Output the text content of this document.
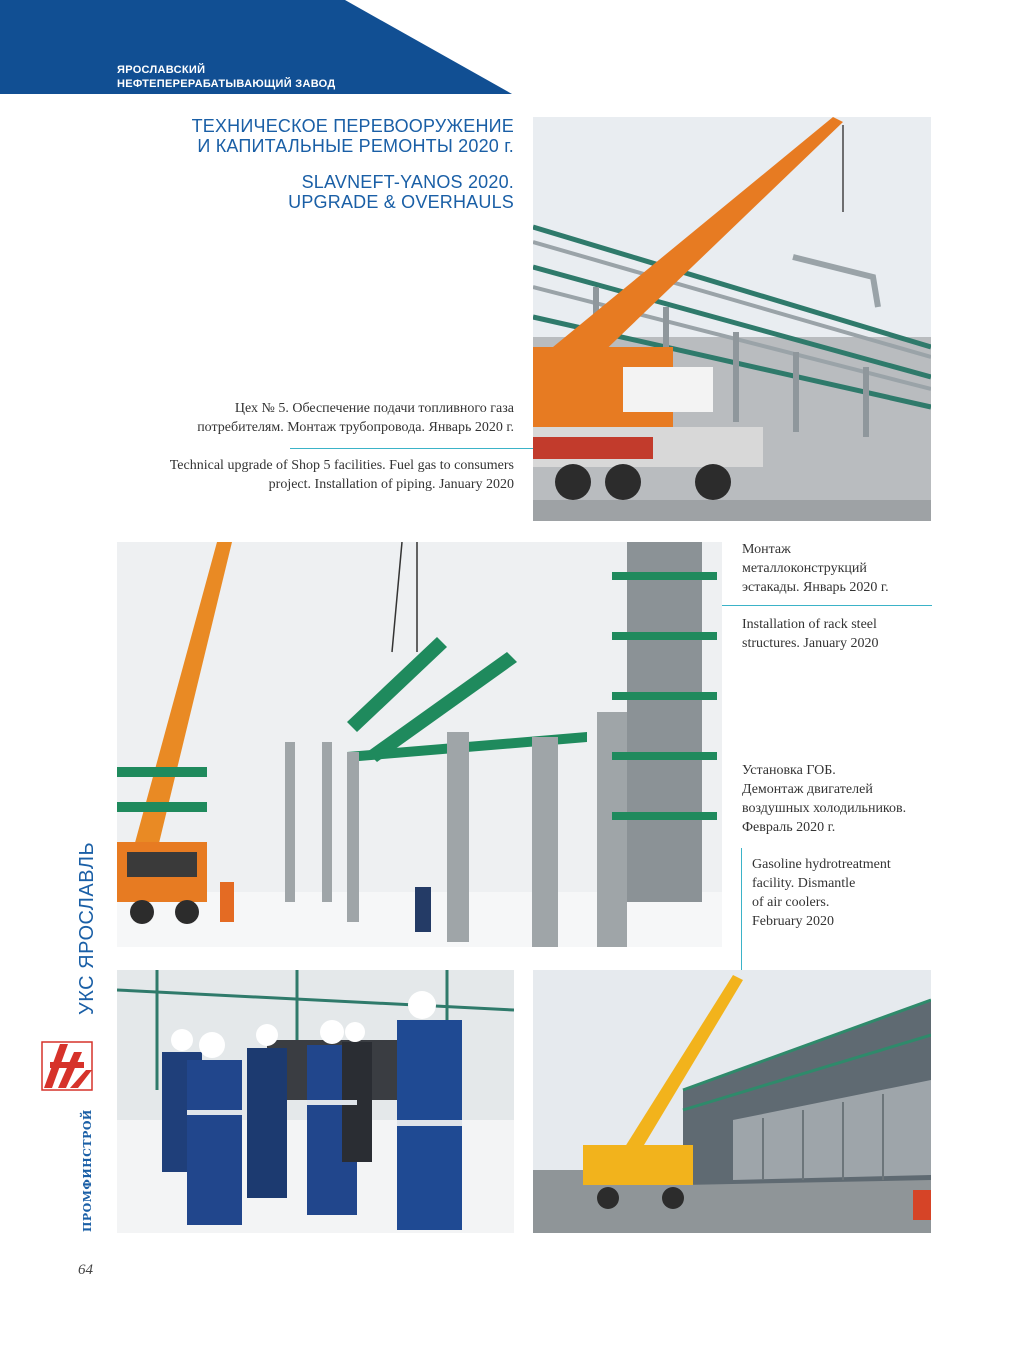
ЯРОСЛАВСКИЙ
НЕФТЕПЕРЕРАБАТЫВАЮЩИЙ ЗАВОД
ТЕХНИЧЕСКОЕ ПЕРЕВООРУЖЕНИЕ
И КАПИТАЛЬНЫЕ РЕМОНТЫ 2020 г.
SLAVNEFT-YANOS 2020.
UPGRADE & OVERHAULS
Цех № 5. Обеспечение подачи топливного газа
потребителям. Монтаж трубопровода. Январь 2020 г.
Technical upgrade of Shop 5 facilities. Fuel gas to consumers
project. Installation of piping. January 2020
Монтаж
металлоконструкций
эстакады. Январь 2020 г.
Installation of rack steel
structures. January 2020
Установка ГОБ.
Демонтаж двигателей
воздушных холодильников.
Февраль 2020 г.
Gasoline hydrotreatment
facility. Dismantle
of air coolers.
February 2020
УКС ЯРОСЛАВЛЬ
ПРОМФИНСТРОЙ
64
